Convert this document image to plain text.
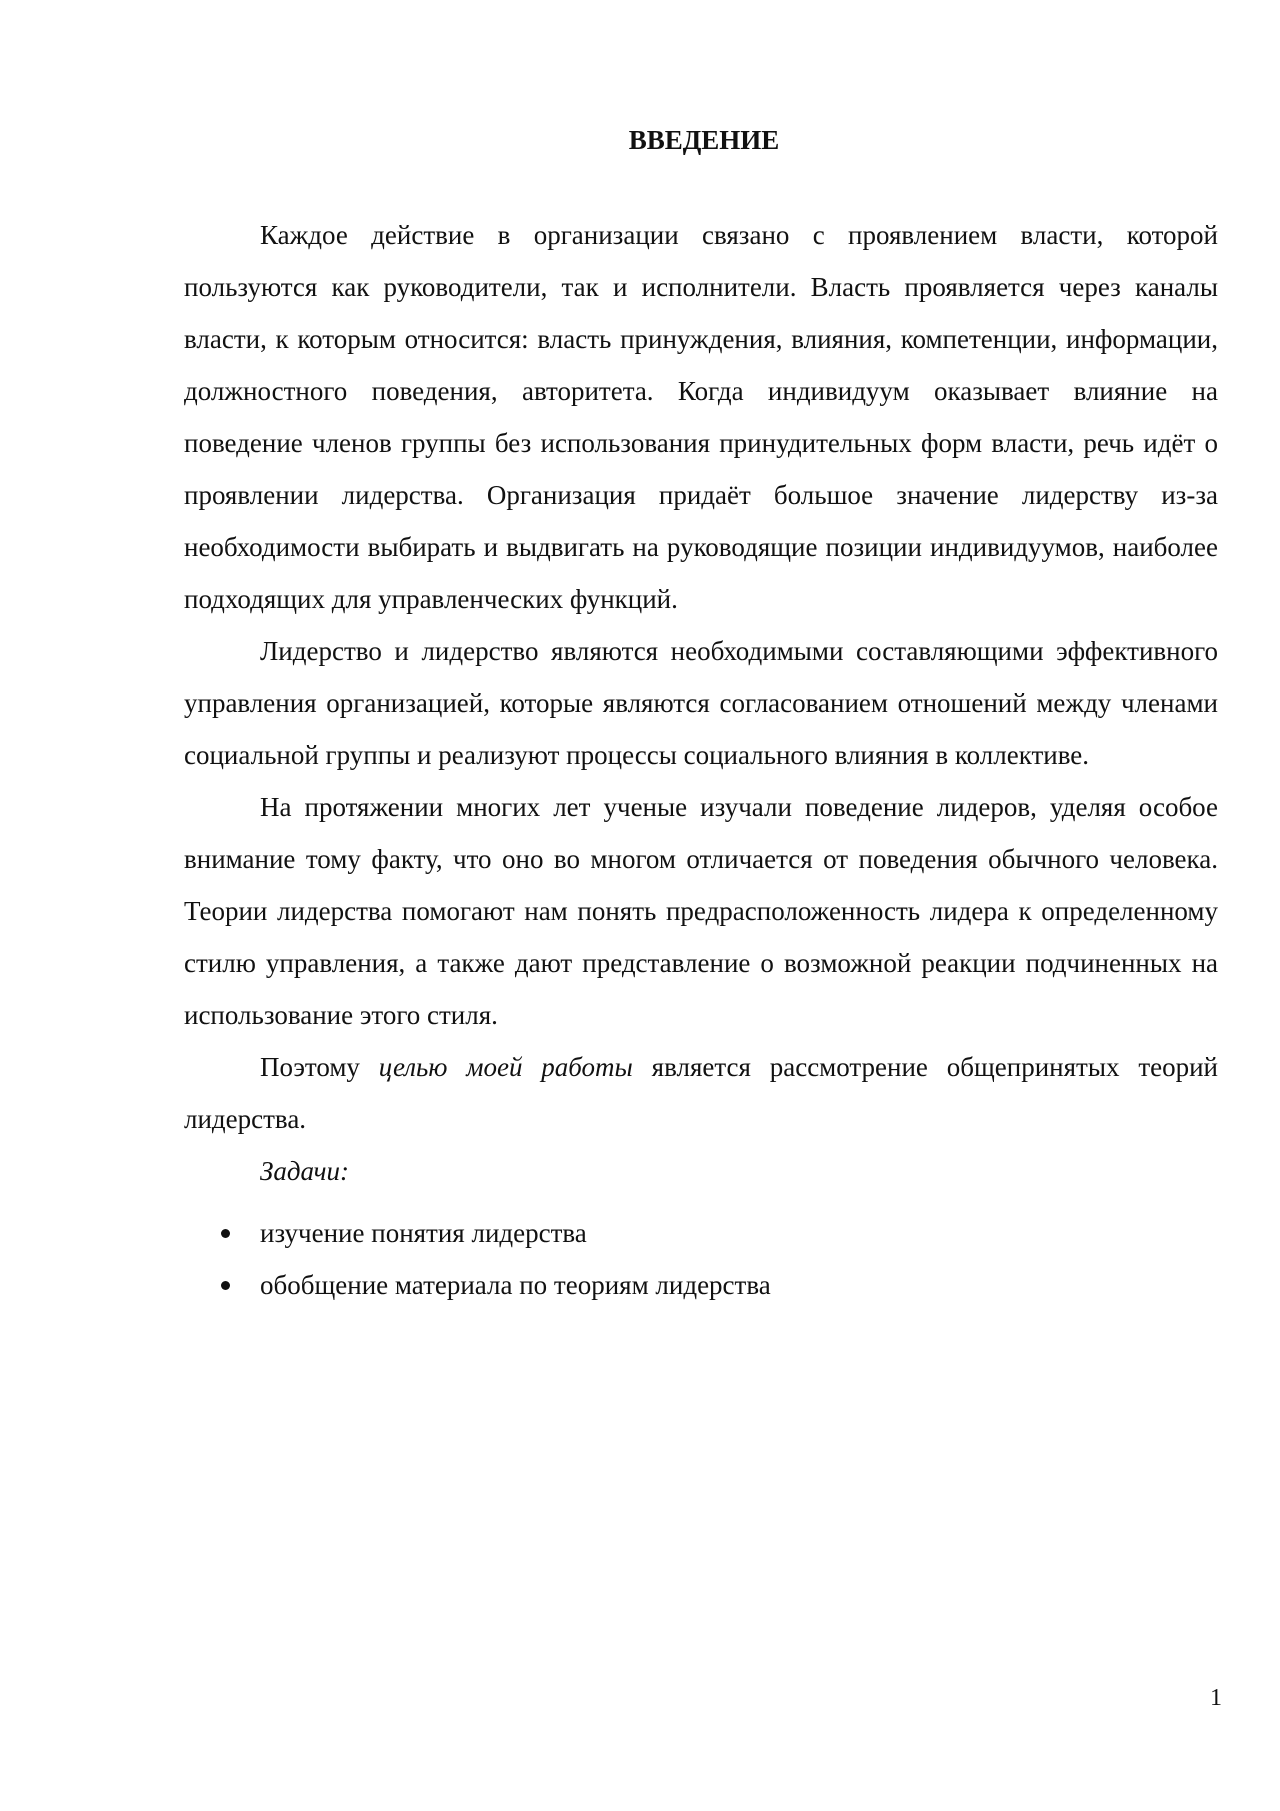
ВВЕДЕНИЕ

Каждое действие в организации связано с проявлением власти, которой пользуются как руководители, так и исполнители. Власть проявляется через каналы власти, к которым относится: власть принуждения, влияния, компетенции, информации, должностного поведения, авторитета. Когда индивидуум оказывает влияние на поведение членов группы без использования принудительных форм власти, речь идёт о проявлении лидерства. Организация придаёт большое значение лидерству из-за необходимости выбирать и выдвигать на руководящие позиции индивидуумов, наиболее подходящих для управленческих функций.

Лидерство и лидерство являются необходимыми составляющими эффективного управления организацией, которые являются согласованием отношений между членами социальной группы и реализуют процессы социального влияния в коллективе.

На протяжении многих лет ученые изучали поведение лидеров, уделяя особое внимание тому факту, что оно во многом отличается от поведения обычного человека. Теории лидерства помогают нам понять предрасположенность лидера к определенному стилю управления, а также дают представление о возможной реакции подчиненных на использование этого стиля.

Поэтому целью моей работы является рассмотрение общепринятых теорий лидерства.

Задачи:

изучение понятия лидерства
обобщение материала по теориям лидерства
1
